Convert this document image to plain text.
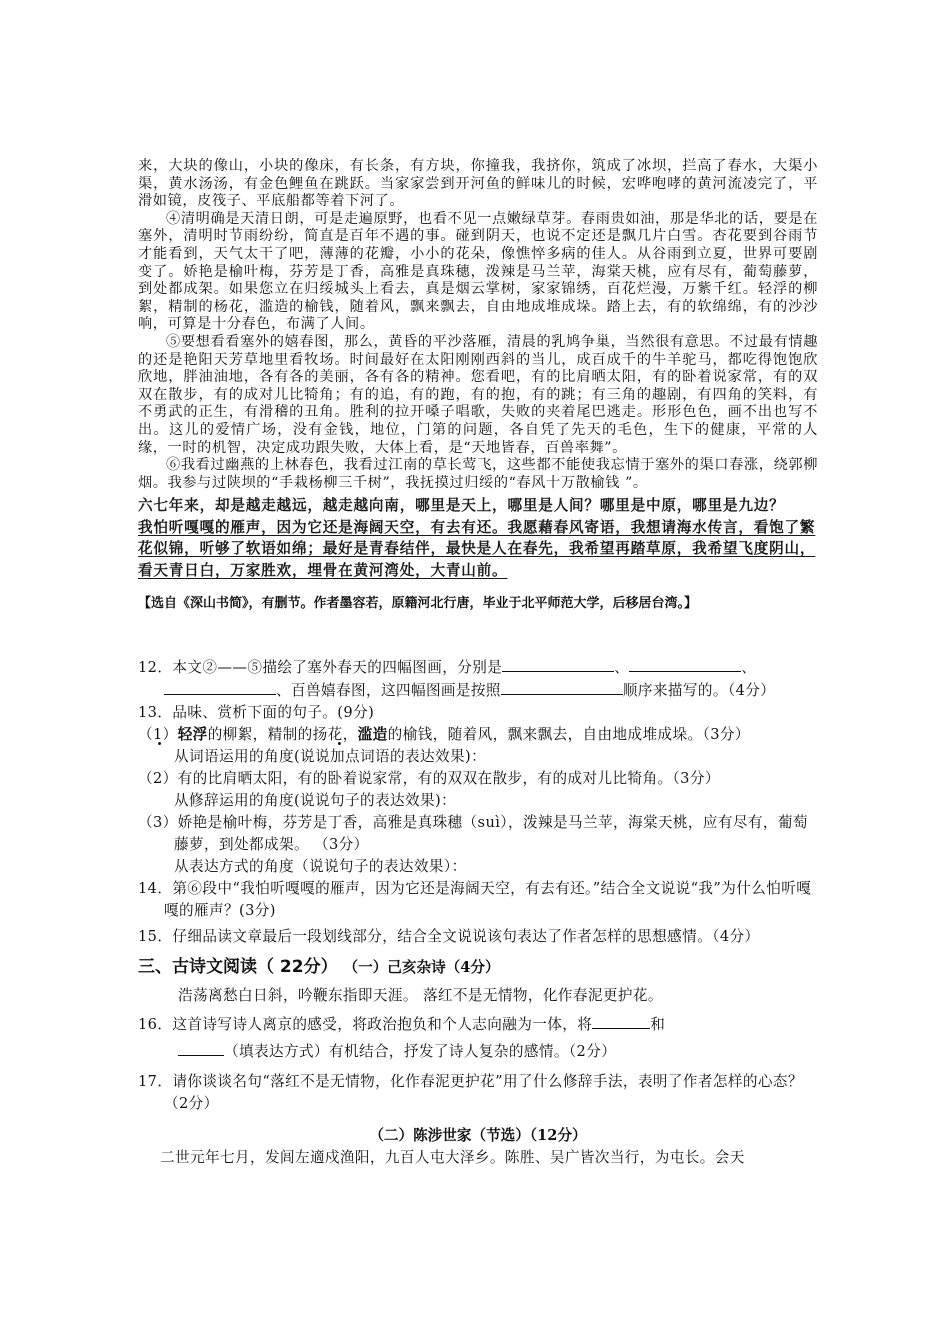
来，大块的像山，小块的像床，有长条，有方块，你撞我，我挤你，筑成了冰坝，拦高了春水，大渠小渠，黄水汤汤，有金色鲤鱼在跳跃。当家家尝到开河鱼的鲜味儿的时候，宏哗咆哮的黄河流凌完了，平滑如镜，皮筏子、平底船都等着下河了。

④清明确是天清日朗，可是走遍原野，也看不见一点嫩绿草芽。春雨贵如油，那是华北的话，要是在塞外，清明时节雨纷纷，简直是百年不遇的事。碰到阴天，也说不定还是飘几片白雪。杏花要到谷雨节才能看到，天气太干了吧，薄薄的花瓣，小小的花朵，像憔悴多病的佳人。从谷雨到立夏，世界可要剧变了。娇艳是榆叶梅，芬芳是丁香，高雅是真珠穗，泼辣是马兰苹，海棠天桃，应有尽有，葡萄藤萝，到处都成架。如果您立在归绥城头上看去，真是烟云掌树，家家锦绣，百花烂漫，万紫千红。轻浮的柳絮，精制的杨花，滥造的榆钱，随着风，飘来飘去，自由地成堆成垛。踏上去，有的软绵绵，有的沙沙响，可算是十分春色，布满了人间。

⑤要想看看塞外的嬉春图，那么，黄昏的平沙落雁，清晨的乳鸠争巢，当然很有意思。不过最有情趣的还是艳阳天芳草地里看牧场。时间最好在太阳刚刚西斜的当儿，成百成千的牛羊驼马，都吃得饱饱欣欣地，胖油油地，各有各的美丽，各有各的精神。您看吧，有的比肩晒太阳，有的卧着说家常，有的双双在散步，有的成对儿比犄角；有的追，有的跑，有的抱，有的跳；有三角的趣剧，有四角的笑料，有不勇武的正生，有滑稽的丑角。胜利的拉开嗓子唱歌，失败的夹着尾巴逃走。形形色色，画不出也写不出。这儿的爱情广场，没有金钱，地位，门第的问题，各自凭了先天的毛色，生下的健康，平常的人缘，一时的机智，决定成功跟失败，大体上看，是“天地皆春，百兽率舞”。

⑥我看过幽燕的上林春色，我看过江南的草长莺飞，这些都不能使我忘情于塞外的渠口春涨，绕郭柳烟。我参与过陕坝的“手栽杨柳三千树”，我抚摸过归绥的“春风十万散榆钱 ”。

六七年来，却是越走越远，越走越向南，哪里是天上，哪里是人间？哪里是中原，哪里是九边？

我怕听嘎嘎的雁声，因为它还是海阔天空，有去有还。我愿藉春风寄语，我想请海水传言，看饱了繁花似锦，听够了软语如绵；最好是青春结伴，最快是人在春先，我希望再踏草原，我希望飞度阴山，看天青日白，万家胜欢，埋骨在黄河湾处，大青山前。

【选自《深山书简》，有删节。作者墨容若，原籍河北行唐，毕业于北平师范大学，后移居台湾。】

12．本文②——⑤描绘了塞外春天的四幅图画，分别是	、	、、百兽嬉春图，这四幅图画是按照	顺序来描写的。（4分）

13．品味、赏析下面的句子。(9分)

（1）轻浮的柳絮，精制的扬花，滥造的榆钱，随着风，飘来飘去，自由地成堆成垛。（3分）

从词语运用的角度(说说加点词语的表达效果)：

（2）有的比肩晒太阳，有的卧着说家常，有的双双在散步，有的成对儿比犄角。（3分）

从修辞运用的角度(说说句子的表达效果)：

（3）娇艳是榆叶梅，芬芳是丁香，高雅是真珠穗（suì），泼辣是马兰苹，海棠天桃，应有尽有，葡萄藤萝，到处都成架。 （3分）

从表达方式的角度（说说句子的表达效果）：

14．第⑥段中“我怕听嘎嘎的雁声，因为它还是海阔天空，有去有还。”结合全文说说“我”为什么怕听嘎嘎的雁声？(3分)

15．仔细品读文章最后一段划线部分，结合全文说说该句表达了作者怎样的思想感情。（4分）

三、古诗文阅读（ 22分） （一）己亥杂诗（4分）

浩荡离愁白日斜，吟鞭东指即天涯。 落红不是无情物，化作春泥更护花。

16．这首诗写诗人离京的感受，将政治抱负和个人志向融为一体，将	和

（填表达方式）有机结合，抒发了诗人复杂的感情。（2分）

17．请你谈谈名句“落红不是无情物，化作春泥更护花”用了什么修辞手法，表明了作者怎样的心态？（2分）

（二）陈涉世家（节选）（12分）

二世元年七月，发闾左適戍渔阳，九百人屯大泽乡。陈胜、吴广皆次当行，为屯长。会天
